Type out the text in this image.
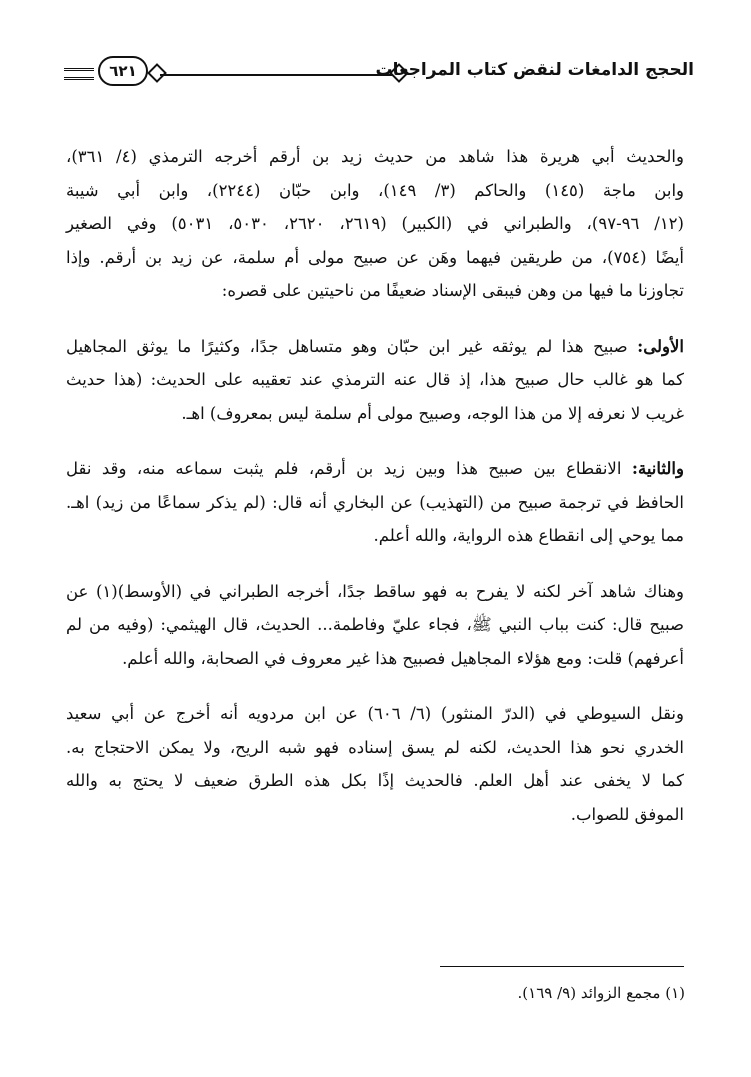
الحجج الدامغات لنقض كتاب المراجعات
٦٢١

والحديث أبي هريرة هذا شاهد من حديث زيد بن أرقم أخرجه الترمذي (٤/ ٣٦١)،
وابن ماجة (١٤٥) والحاكم (٣/ ١٤٩)، وابن حبّان (٢٢٤٤)، وابن أبي شيبة
(١٢/ ٩٦-٩٧)، والطبراني في (الكبير) (٢٦١٩، ٢٦٢٠، ٥٠٣٠، ٥٠٣١) وفي الصغير
أيضًا (٧٥٤)، من طريقين فيهما وهَن عن صبيح مولى أم سلمة، عن زيد بن أرقم. وإذا
تجاوزنا ما فيها من وهن فيبقى الإسناد ضعيفًا من ناحيتين على قصره:

الأولى: صبيح هذا لم يوثقه غير ابن حبّان وهو متساهل جدًا، وكثيرًا ما يوثق المجاهيل
كما هو غالب حال صبيح هذا، إذ قال عنه الترمذي عند تعقيبه على الحديث: (هذا حديث
غريب لا نعرفه إلا من هذا الوجه، وصبيح مولى أم سلمة ليس بمعروف) اهـ.

والثانية: الانقطاع بين صبيح هذا وبين زيد بن أرقم، فلم يثبت سماعه منه، وقد نقل
الحافظ في ترجمة صبيح من (التهذيب) عن البخاري أنه قال: (لم يذكر سماعًا من زيد) اهـ.
مما يوحي إلى انقطاع هذه الرواية، والله أعلم.

وهناك شاهد آخر لكنه لا يفرح به فهو ساقط جدًا، أخرجه الطبراني في (الأوسط)(١) عن
صبيح قال: كنت بباب النبي ﷺ، فجاء عليّ وفاطمة... الحديث، قال الهيثمي: (وفيه من لم
أعرفهم) قلت: ومع هؤلاء المجاهيل فصبيح هذا غير معروف في الصحابة، والله أعلم.

ونقل السيوطي في (الدرّ المنثور) (٦/ ٦٠٦) عن ابن مردويه أنه أخرج عن أبي سعيد
الخدري نحو هذا الحديث، لكنه لم يسق إسناده فهو شبه الريح، ولا يمكن الاحتجاج به.
كما لا يخفى عند أهل العلم. فالحديث إذًا بكل هذه الطرق ضعيف لا يحتج به والله
الموفق للصواب.

(١) مجمع الزوائد (٩/ ١٦٩).
